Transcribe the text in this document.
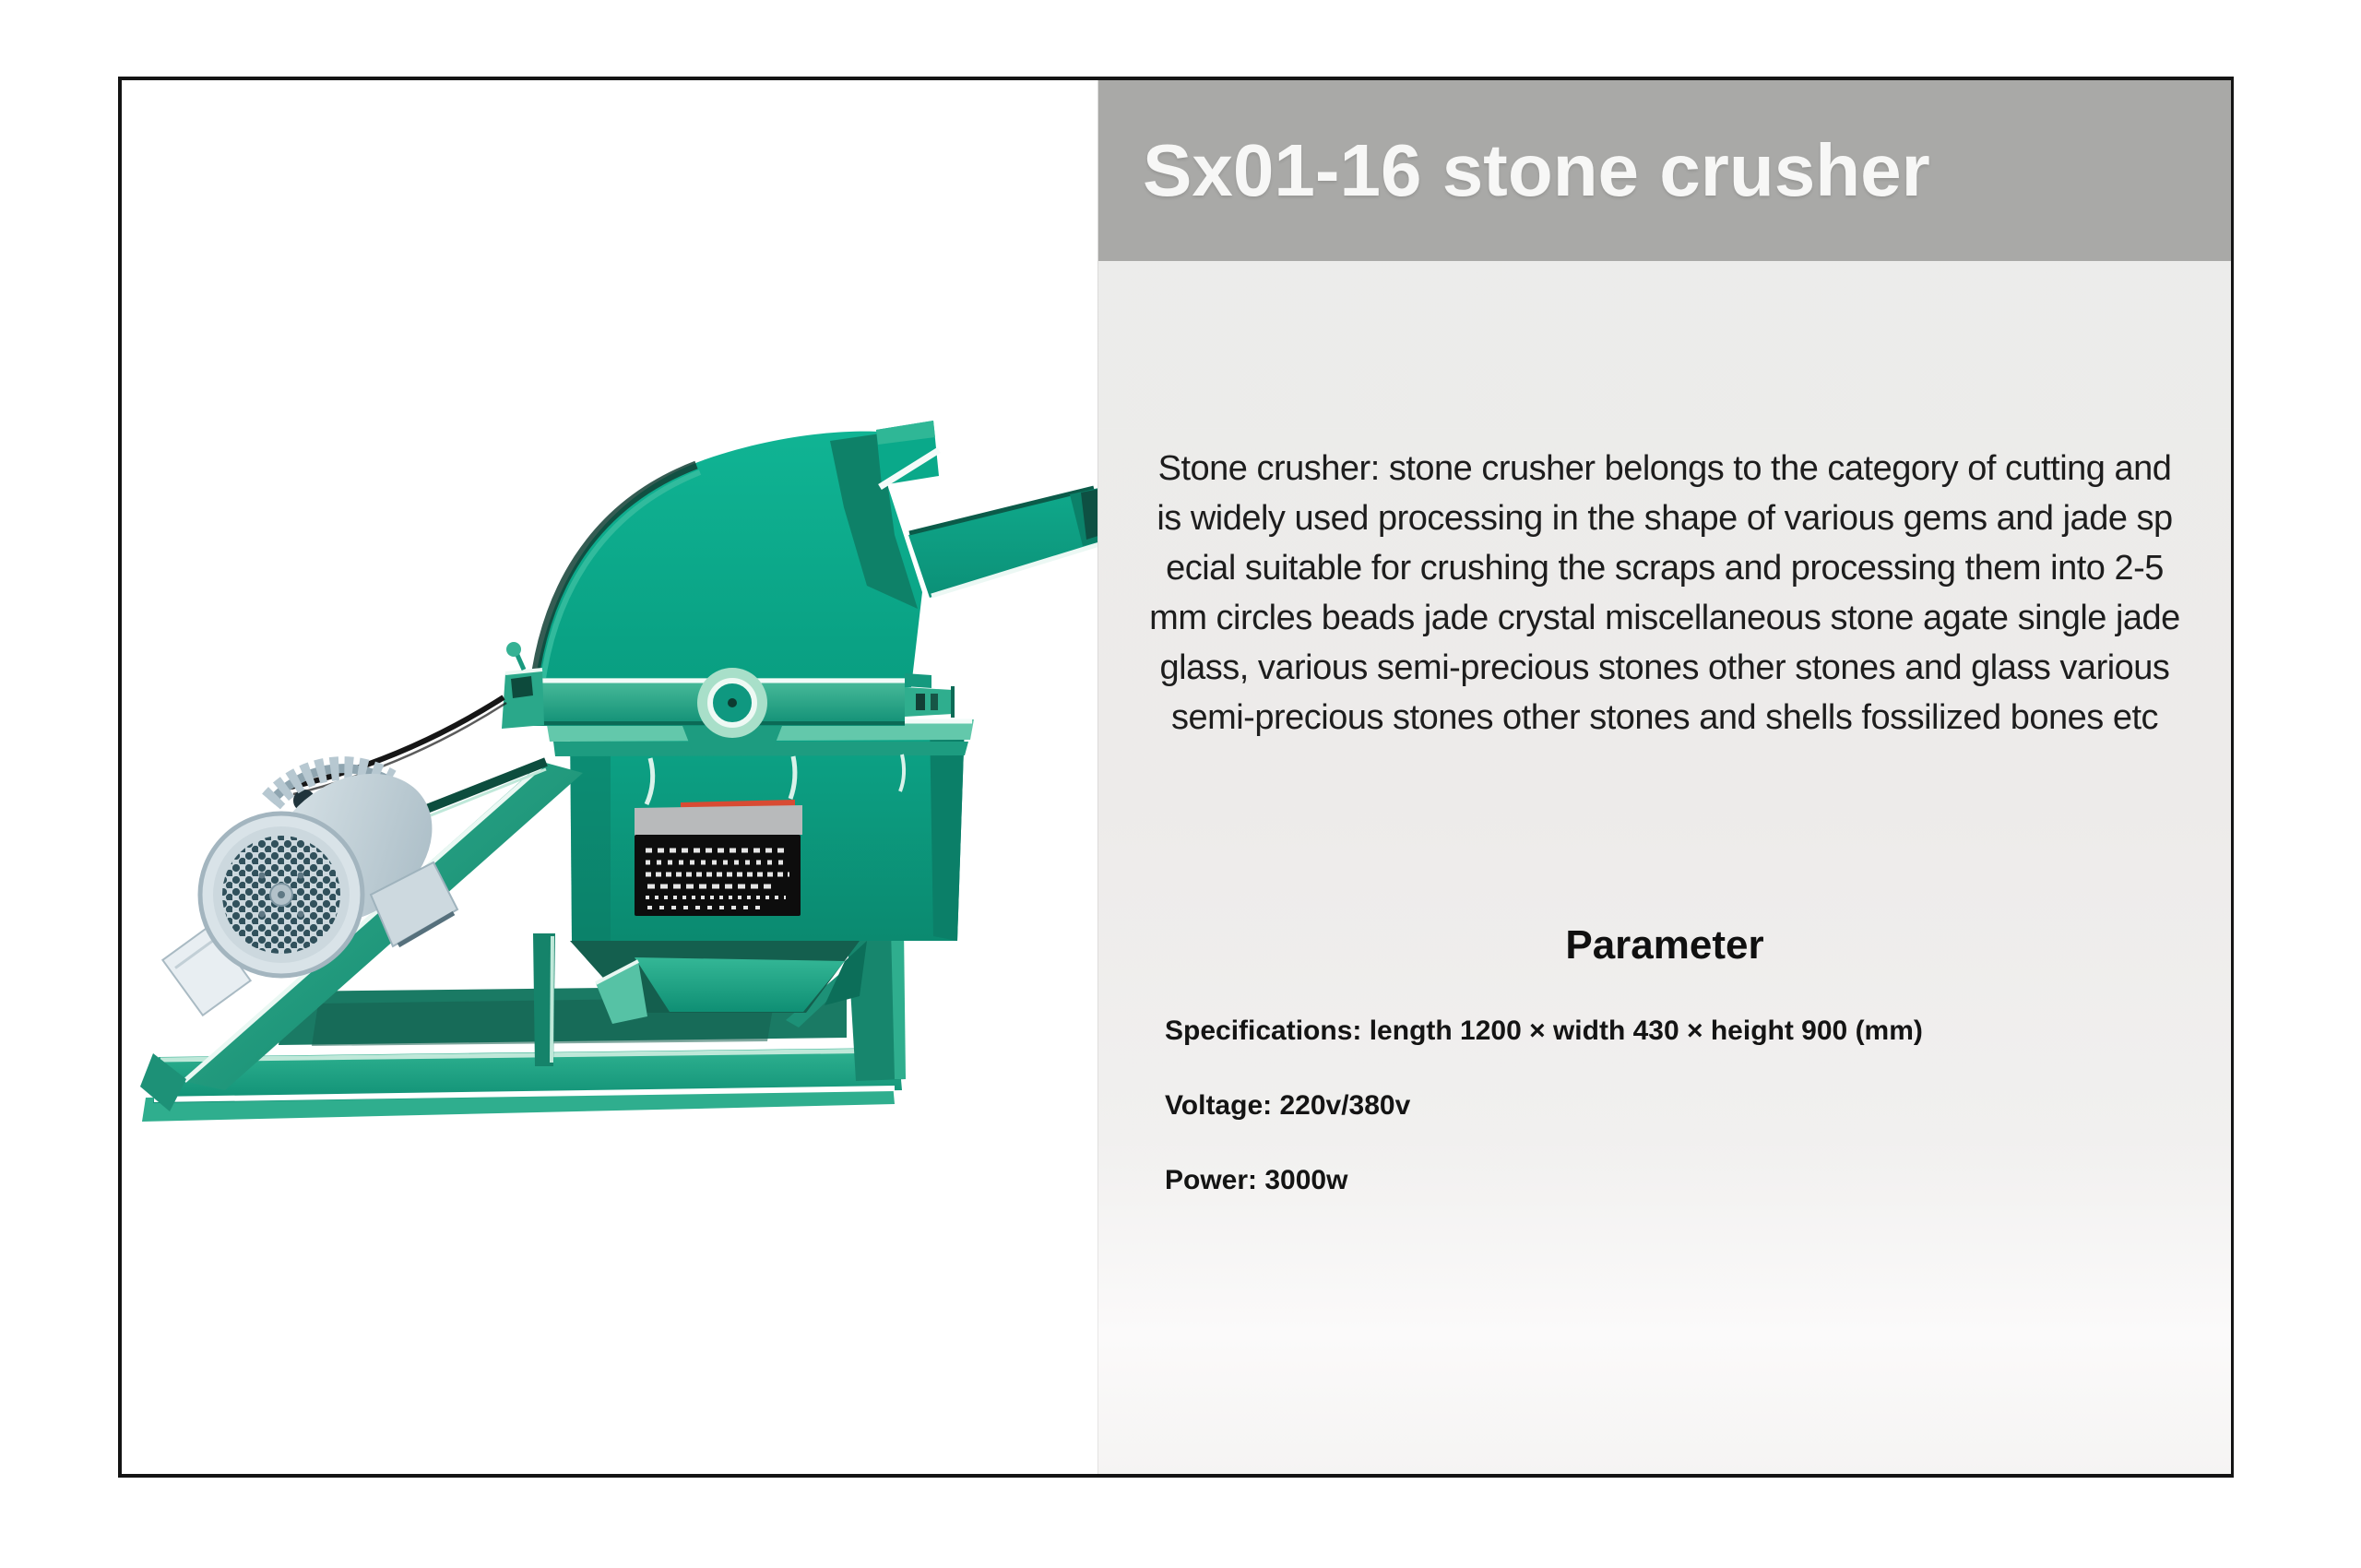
Sx01-16 stone crusher
Stone crusher: stone crusher belongs to the category of cutting and
is widely used processing in the shape of various gems and jade sp
ecial suitable for crushing the scraps and processing them into 2-5
mm circles beads jade crystal miscellaneous stone agate single jade
glass, various semi-precious stones other stones and glass various
semi-precious stones other stones and shells fossilized bones etc
Parameter
Specifications: length 1200 × width 430 × height 900 (mm)
Voltage: 220v/380v
Power: 3000w
